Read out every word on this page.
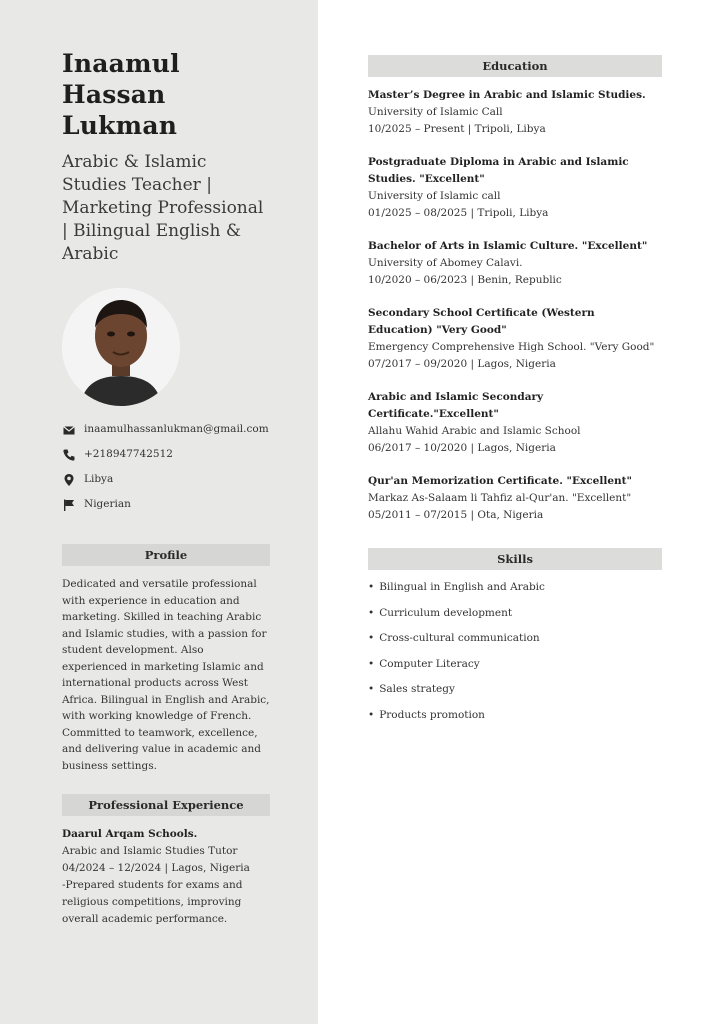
Inaamul
Hassan
Lukman
Arabic & Islamic Studies Teacher | Marketing Professional | Bilingual English & Arabic
inaamulhassanlukman@gmail.com
+218947742512
Libya
Nigerian
Profile
Dedicated and versatile professional with experience in education and marketing. Skilled in teaching Arabic and Islamic studies, with a passion for student development. Also experienced in marketing Islamic and international products across West Africa. Bilingual in English and Arabic, with working knowledge of French. Committed to teamwork, excellence, and delivering value in academic and business settings.
Professional Experience
Daarul Arqam Schools.
Arabic and Islamic Studies Tutor
04/2024 – 12/2024 | Lagos, Nigeria
-Prepared students for exams and religious competitions, improving overall academic performance.
Education
Master’s Degree in Arabic and Islamic Studies.
University of Islamic Call
10/2025 – Present | Tripoli, Libya
Postgraduate Diploma in Arabic and Islamic Studies. "Excellent"
University of Islamic call
01/2025 – 08/2025 | Tripoli, Libya
Bachelor of Arts in Islamic Culture. "Excellent"
University of Abomey Calavi.
10/2020 – 06/2023 | Benin, Republic
Secondary School Certificate (Western Education) "Very Good"
Emergency Comprehensive High School. "Very Good"
07/2017 – 09/2020 | Lagos, Nigeria
Arabic and Islamic Secondary Certificate."Excellent"
Allahu Wahid Arabic and Islamic School
06/2017 – 10/2020 | Lagos, Nigeria
Qur'an Memorization Certificate. "Excellent"
Markaz As-Salaam li Tahfiz al-Qur'an. "Excellent"
05/2011 – 07/2015 | Ota, Nigeria
Skills
• Bilingual in English and Arabic
• Curriculum development
• Cross-cultural communication
• Computer Literacy
• Sales strategy
• Products promotion
